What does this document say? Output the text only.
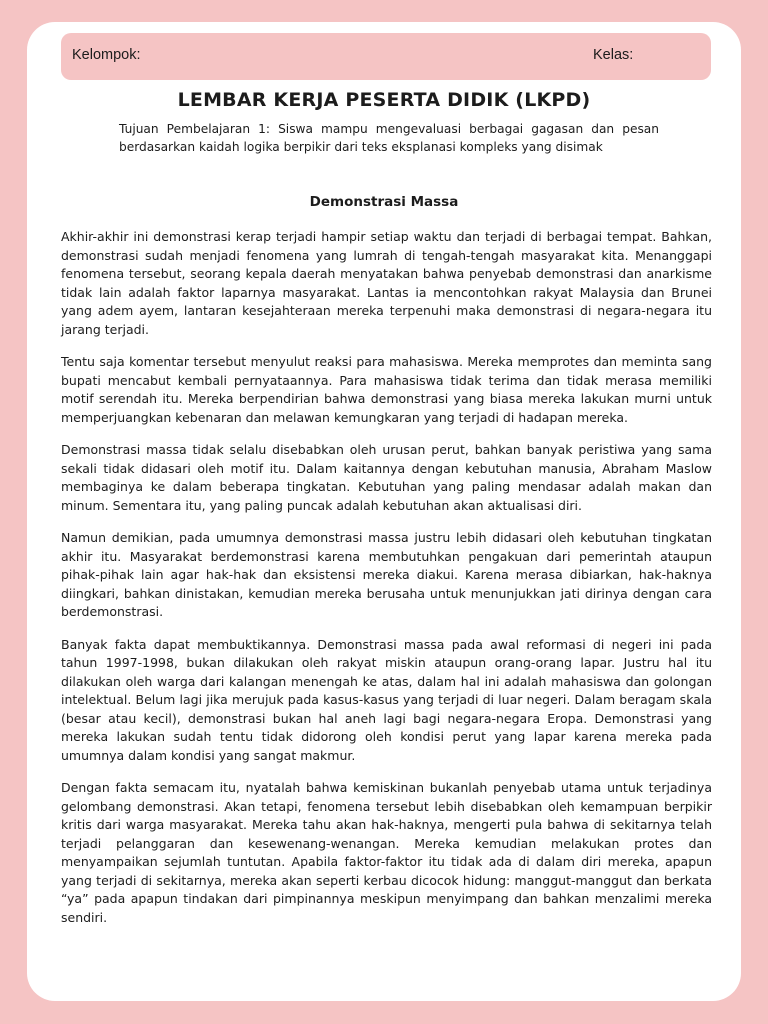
Kelompok:	Kelas:
LEMBAR KERJA PESERTA DIDIK (LKPD)
Tujuan Pembelajaran 1: Siswa mampu mengevaluasi berbagai gagasan dan pesan berdasarkan kaidah logika berpikir dari teks eksplanasi kompleks yang disimak
Demonstrasi Massa

Akhir-akhir ini demonstrasi kerap terjadi hampir setiap waktu dan terjadi di berbagai tempat. Bahkan, demonstrasi sudah menjadi fenomena yang lumrah di tengah-tengah masyarakat kita. Menanggapi fenomena tersebut, seorang kepala daerah menyatakan bahwa penyebab demonstrasi dan anarkisme tidak lain adalah faktor laparnya masyarakat. Lantas ia mencontohkan rakyat Malaysia dan Brunei yang adem ayem, lantaran kesejahteraan mereka terpenuhi maka demonstrasi di negara-negara itu jarang terjadi.

Tentu saja komentar tersebut menyulut reaksi para mahasiswa. Mereka memprotes dan meminta sang bupati mencabut kembali pernyataannya. Para mahasiswa tidak terima dan tidak merasa memiliki motif serendah itu. Mereka berpendirian bahwa demonstrasi yang biasa mereka lakukan murni untuk memperjuangkan kebenaran dan melawan kemungkaran yang terjadi di hadapan mereka.

Demonstrasi massa tidak selalu disebabkan oleh urusan perut, bahkan banyak peristiwa yang sama sekali tidak didasari oleh motif itu. Dalam kaitannya dengan kebutuhan manusia, Abraham Maslow membaginya ke dalam beberapa tingkatan. Kebutuhan yang paling mendasar adalah makan dan minum. Sementara itu, yang paling puncak adalah kebutuhan akan aktualisasi diri.

Namun demikian, pada umumnya demonstrasi massa justru lebih didasari oleh kebutuhan tingkatan akhir itu. Masyarakat berdemonstrasi karena membutuhkan pengakuan dari pemerintah ataupun pihak-pihak lain agar hak-hak dan eksistensi mereka diakui. Karena merasa dibiarkan, hak-haknya diingkari, bahkan dinistakan, kemudian mereka berusaha untuk menunjukkan jati dirinya dengan cara berdemonstrasi.

Banyak fakta dapat membuktikannya. Demonstrasi massa pada awal reformasi di negeri ini pada tahun 1997-1998, bukan dilakukan oleh rakyat miskin ataupun orang-orang lapar. Justru hal itu dilakukan oleh warga dari kalangan menengah ke atas, dalam hal ini adalah mahasiswa dan golongan intelektual. Belum lagi jika merujuk pada kasus-kasus yang terjadi di luar negeri. Dalam beragam skala (besar atau kecil), demonstrasi bukan hal aneh lagi bagi negara-negara Eropa. Demonstrasi yang mereka lakukan sudah tentu tidak didorong oleh kondisi perut yang lapar karena mereka pada umumnya dalam kondisi yang sangat makmur.

Dengan fakta semacam itu, nyatalah bahwa kemiskinan bukanlah penyebab utama untuk terjadinya gelombang demonstrasi. Akan tetapi, fenomena tersebut lebih disebabkan oleh kemampuan berpikir kritis dari warga masyarakat. Mereka tahu akan hak-haknya, mengerti pula bahwa di sekitarnya telah terjadi pelanggaran dan kesewenang-wenangan. Mereka kemudian melakukan protes dan menyampaikan sejumlah tuntutan. Apabila faktor-faktor itu tidak ada di dalam diri mereka, apapun yang terjadi di sekitarnya, mereka akan seperti kerbau dicocok hidung: manggut-manggut dan berkata “ya” pada apapun tindakan dari pimpinannya meskipun menyimpang dan bahkan menzalimi mereka sendiri.
